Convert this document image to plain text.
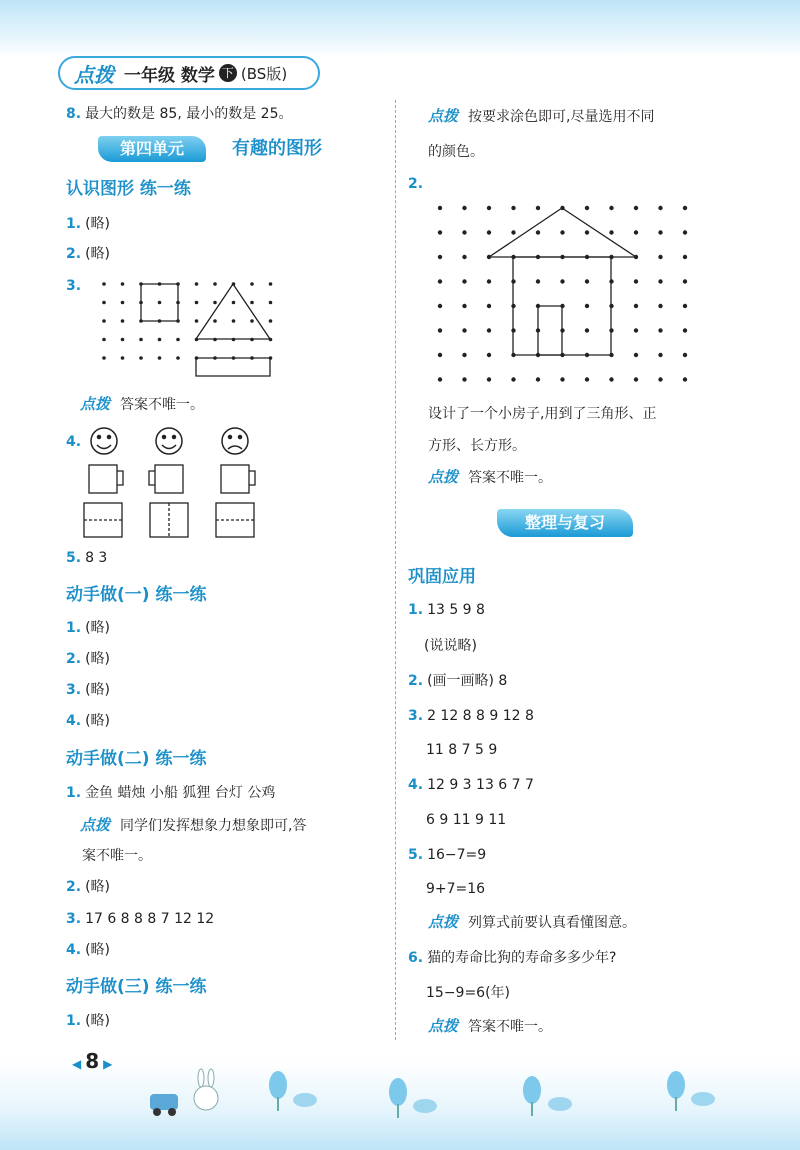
点拨 一年级 数学 下 (BS版)
8. 最大的数是 85, 最小的数是 25。
第四单元	有趣的图形
认识图形 练一练
1. (略)
2. (略)
3.
点拨 答案不唯一。
4.
5. 8 3
动手做(一) 练一练
1. (略)
2. (略)
3. (略)
4. (略)
动手做(二) 练一练
1. 金鱼 蜡烛 小船 狐狸 台灯 公鸡
点拨 同学们发挥想象力想象即可,答
案不唯一。
2. (略)
3. 17 6 8 8 8 7 12 12
4. (略)
动手做(三) 练一练
1. (略)
点拨 按要求涂色即可,尽量选用不同
的颜色。
2.
设计了一个小房子,用到了三角形、正
方形、长方形。
点拨 答案不唯一。
整理与复习
巩固应用
1. 13 5 9 8
(说说略)
2. (画一画略) 8
3. 2 12 8 8 9 12 8
11 8 7 5 9
4. 12 9 3 13 6 7 7
6 9 11 9 11
5. 16−7=9
9+7=16
点拨 列算式前要认真看懂图意。
6. 猫的寿命比狗的寿命多多少年?
15−9=6(年)
点拨 答案不唯一。
◀ 8 ▶
